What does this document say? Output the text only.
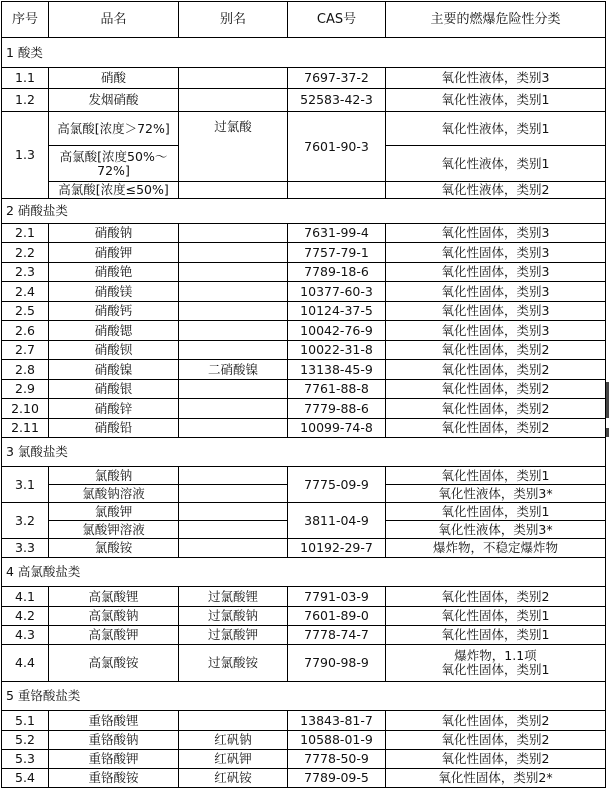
序号	品名	别名	CAS号	主要的燃爆危险性分类
1 酸类				
1.1	硝酸		7697-37-2	氧化性液体，类别3
1.2	发烟硝酸		52583-42-3	氧化性液体，类别1
1.3	高氯酸[浓度＞72%]	过氯酸	7601-90-3	氧化性液体，类别1
	高氯酸[浓度50%～72%]			氧化性液体，类别1
	高氯酸[浓度≤50%]			氧化性液体，类别2
2 硝酸盐类				
2.1	硝酸钠		7631-99-4	氧化性固体，类别3
2.2	硝酸钾		7757-79-1	氧化性固体，类别3
2.3	硝酸铯		7789-18-6	氧化性固体，类别3
2.4	硝酸镁		10377-60-3	氧化性固体，类别3
2.5	硝酸钙		10124-37-5	氧化性固体，类别3
2.6	硝酸锶		10042-76-9	氧化性固体，类别3
2.7	硝酸钡		10022-31-8	氧化性固体，类别2
2.8	硝酸镍	二硝酸镍	13138-45-9	氧化性固体，类别2
2.9	硝酸银		7761-88-8	氧化性固体，类别2
2.10	硝酸锌		7779-88-6	氧化性固体，类别2
2.11	硝酸铅		10099-74-8	氧化性固体，类别2
3 氯酸盐类				
3.1	氯酸钠		7775-09-9	氧化性固体，类别1
	氯酸钠溶液			氧化性液体，类别3*
3.2	氯酸钾		3811-04-9	氧化性固体，类别1
	氯酸钾溶液			氧化性液体，类别3*
3.3	氯酸铵		10192-29-7	爆炸物，不稳定爆炸物
4 高氯酸盐类				
4.1	高氯酸锂	过氯酸锂	7791-03-9	氧化性固体，类别2
4.2	高氯酸钠	过氯酸钠	7601-89-0	氧化性固体，类别1
4.3	高氯酸钾	过氯酸钾	7778-74-7	氧化性固体，类别1
4.4	高氯酸铵	过氯酸铵	7790-98-9	爆炸物，1.1项
氧化性固体，类别1

5 重铬酸盐类				
5.1	重铬酸锂		13843-81-7	氧化性固体，类别2
5.2	重铬酸钠	红矾钠	10588-01-9	氧化性固体，类别2
5.3	重铬酸钾	红矾钾	7778-50-9	氧化性固体，类别2
5.4	重铬酸铵	红矾铵	7789-09-5	氧化性固体，类别2*
